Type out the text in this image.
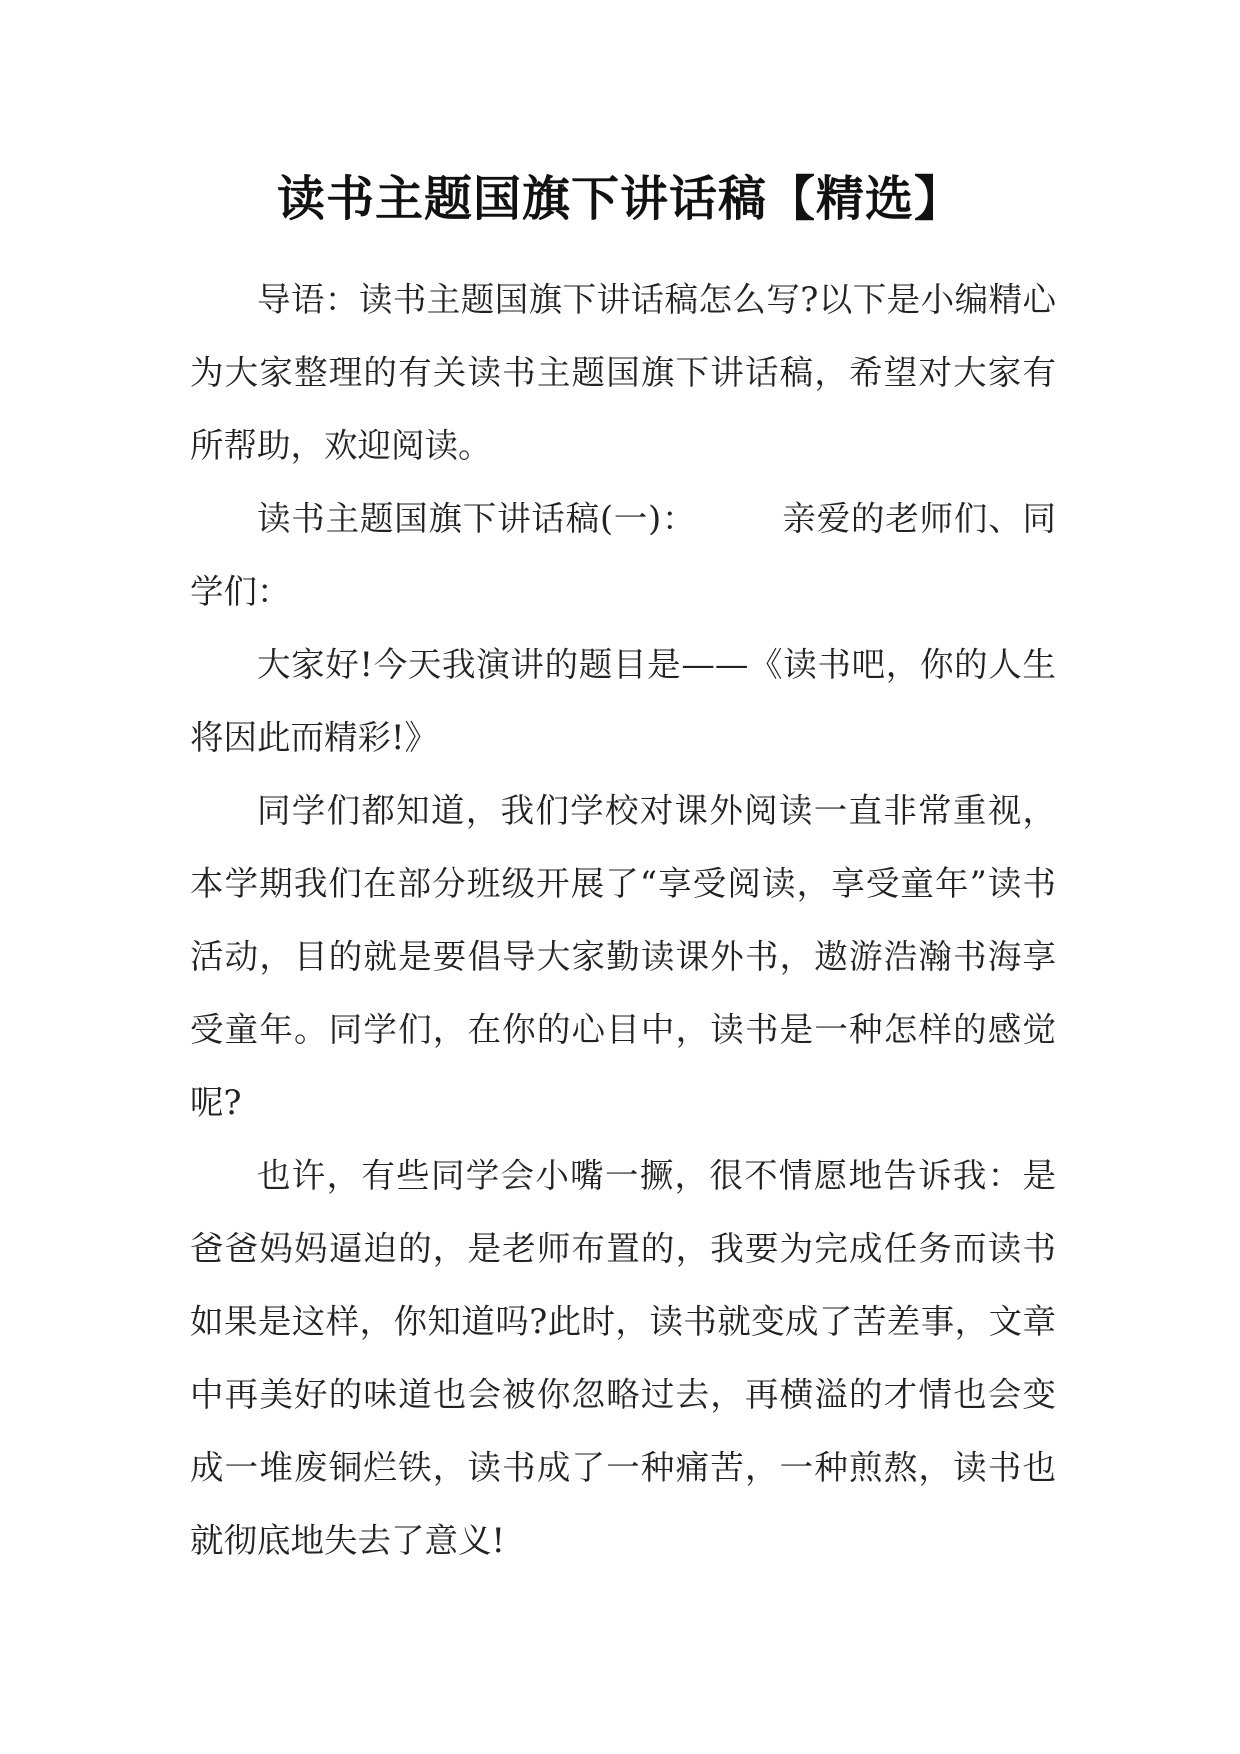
读书主题国旗下讲话稿【精选】

导语：读书主题国旗下讲话稿怎么写?以下是小编精心为大家整理的有关读书主题国旗下讲话稿，希望对大家有所帮助，欢迎阅读。

读书主题国旗下讲话稿(一)：　　　亲爱的老师们、同学们：

大家好!今天我演讲的题目是——《读书吧，你的人生将因此而精彩!》

同学们都知道，我们学校对课外阅读一直非常重视，本学期我们在部分班级开展了“享受阅读，享受童年”读书活动，目的就是要倡导大家勤读课外书，遨游浩瀚书海享受童年。同学们，在你的心目中，读书是一种怎样的感觉呢?

也许，有些同学会小嘴一撅，很不情愿地告诉我：是爸爸妈妈逼迫的，是老师布置的，我要为完成任务而读书如果是这样，你知道吗?此时，读书就变成了苦差事，文章中再美好的味道也会被你忽略过去，再横溢的才情也会变成一堆废铜烂铁，读书成了一种痛苦，一种煎熬，读书也就彻底地失去了意义!
